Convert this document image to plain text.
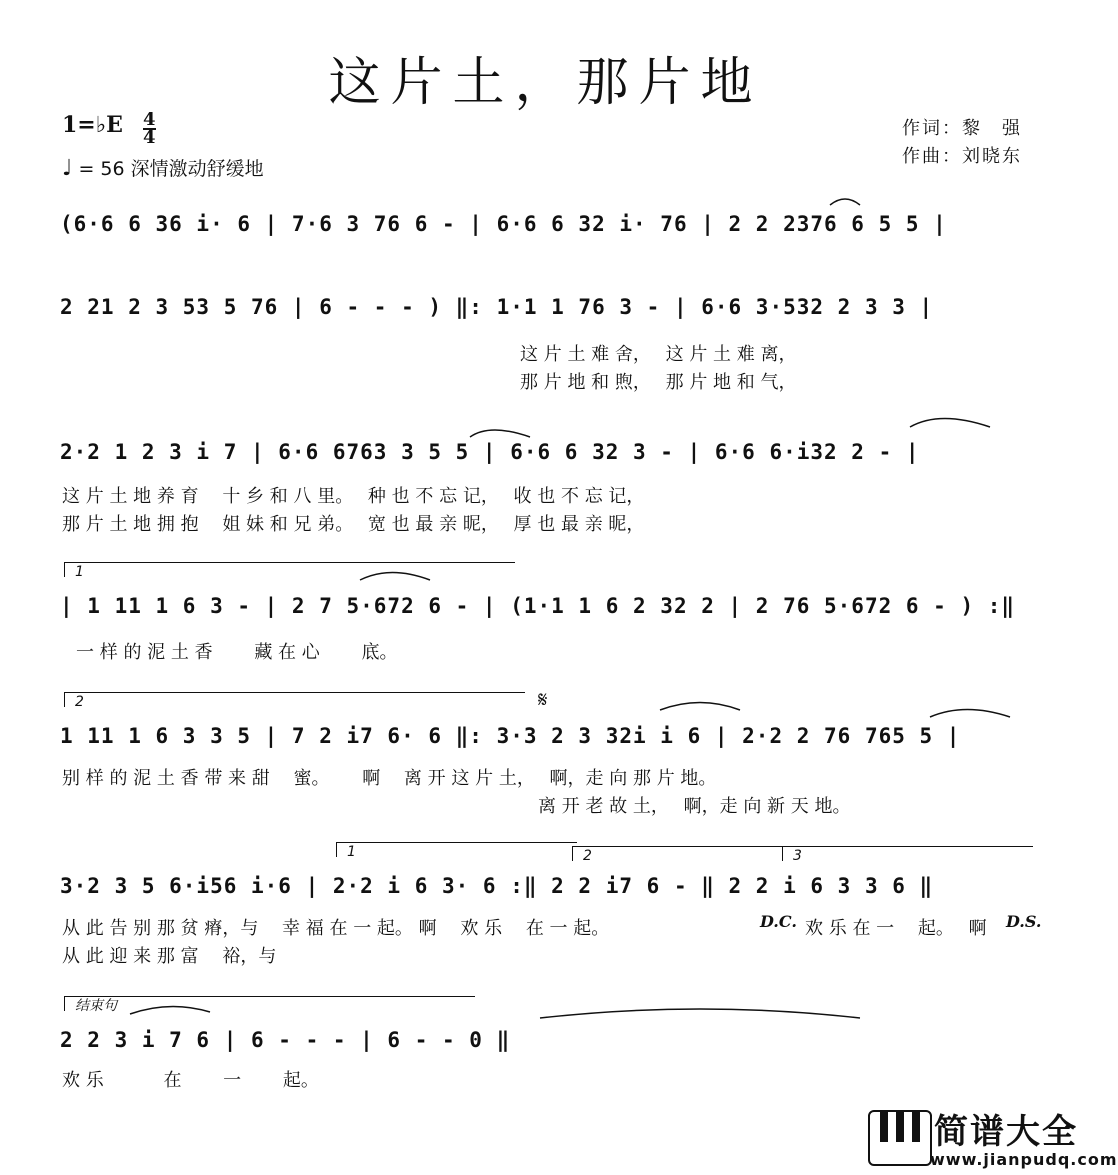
这片土，那片地
1=♭E 4
4
♩ = 56 深情激动舒缓地
作词：黎　强
作曲：刘晓东
(6·6 6 36 i· 6 | 7·6 3 76 6 - | 6·6 6 32 i· 76 | 2 2 2376 6 5 5 |
2 21 2 3 53 5 76 | 6 - - - ) ‖: 1·1 1 76 3 - | 6·6 3·532 2 3 3 |
这 片 土 难 舍，　 这 片 土 难 离，
那 片 地 和 煦，　 那 片 地 和 气，
2·2 1 2 3 i 7 | 6·6 6763 3 5 5 | 6·6 6 32 3 - | 6·6 6·i32 2 - |
这 片 土 地 养 育　 十 乡 和 八 里。　 种 也 不 忘 记，　 收 也 不 忘 记，
那 片 土 地 拥 抱　 姐 妹 和 兄 弟。　 宽 也 最 亲 昵，　 厚 也 最 亲 昵，
1
| 1 11 1 6 3 - | 2 7 5·672 6 - | (1·1 1 6 2 32 2 | 2 76 5·672 6 - ) :‖
一 样 的 泥 土 香　　 藏 在 心　　 底。
2	𝄋
1 11 1 6 3 3 5 | 7 2 i7 6· 6 ‖: 3·3 2 3 32i i 6 | 2·2 2 76 765 5 |
别 样 的 泥 土 香 带 来 甜　 蜜。　　 啊　 离 开 这 片 土，　 啊，走 向 那 片 地。
离 开 老 故 土，　 啊，走 向 新 天 地。
1	2	3
3·2 3 5 6·i56 i·6 | 2·2 i 6 3· 6 :‖ 2 2 i7 6 - ‖ 2 2 i 6 3 3 6 ‖
从 此 告 别 那 贫 瘠，与　 幸 福 在 一 起。 啊　 欢 乐　 在 一 起。	D.C. 欢 乐 在 一　 起。　 啊 D.S.
从 此 迎 来 那 富　 裕，与
结束句
2 2 3 i 7 6 | 6 - - - | 6 - - 0 ‖
欢 乐　　　 在　　 一　　 起。
简谱大全
www.jianpudq.com
